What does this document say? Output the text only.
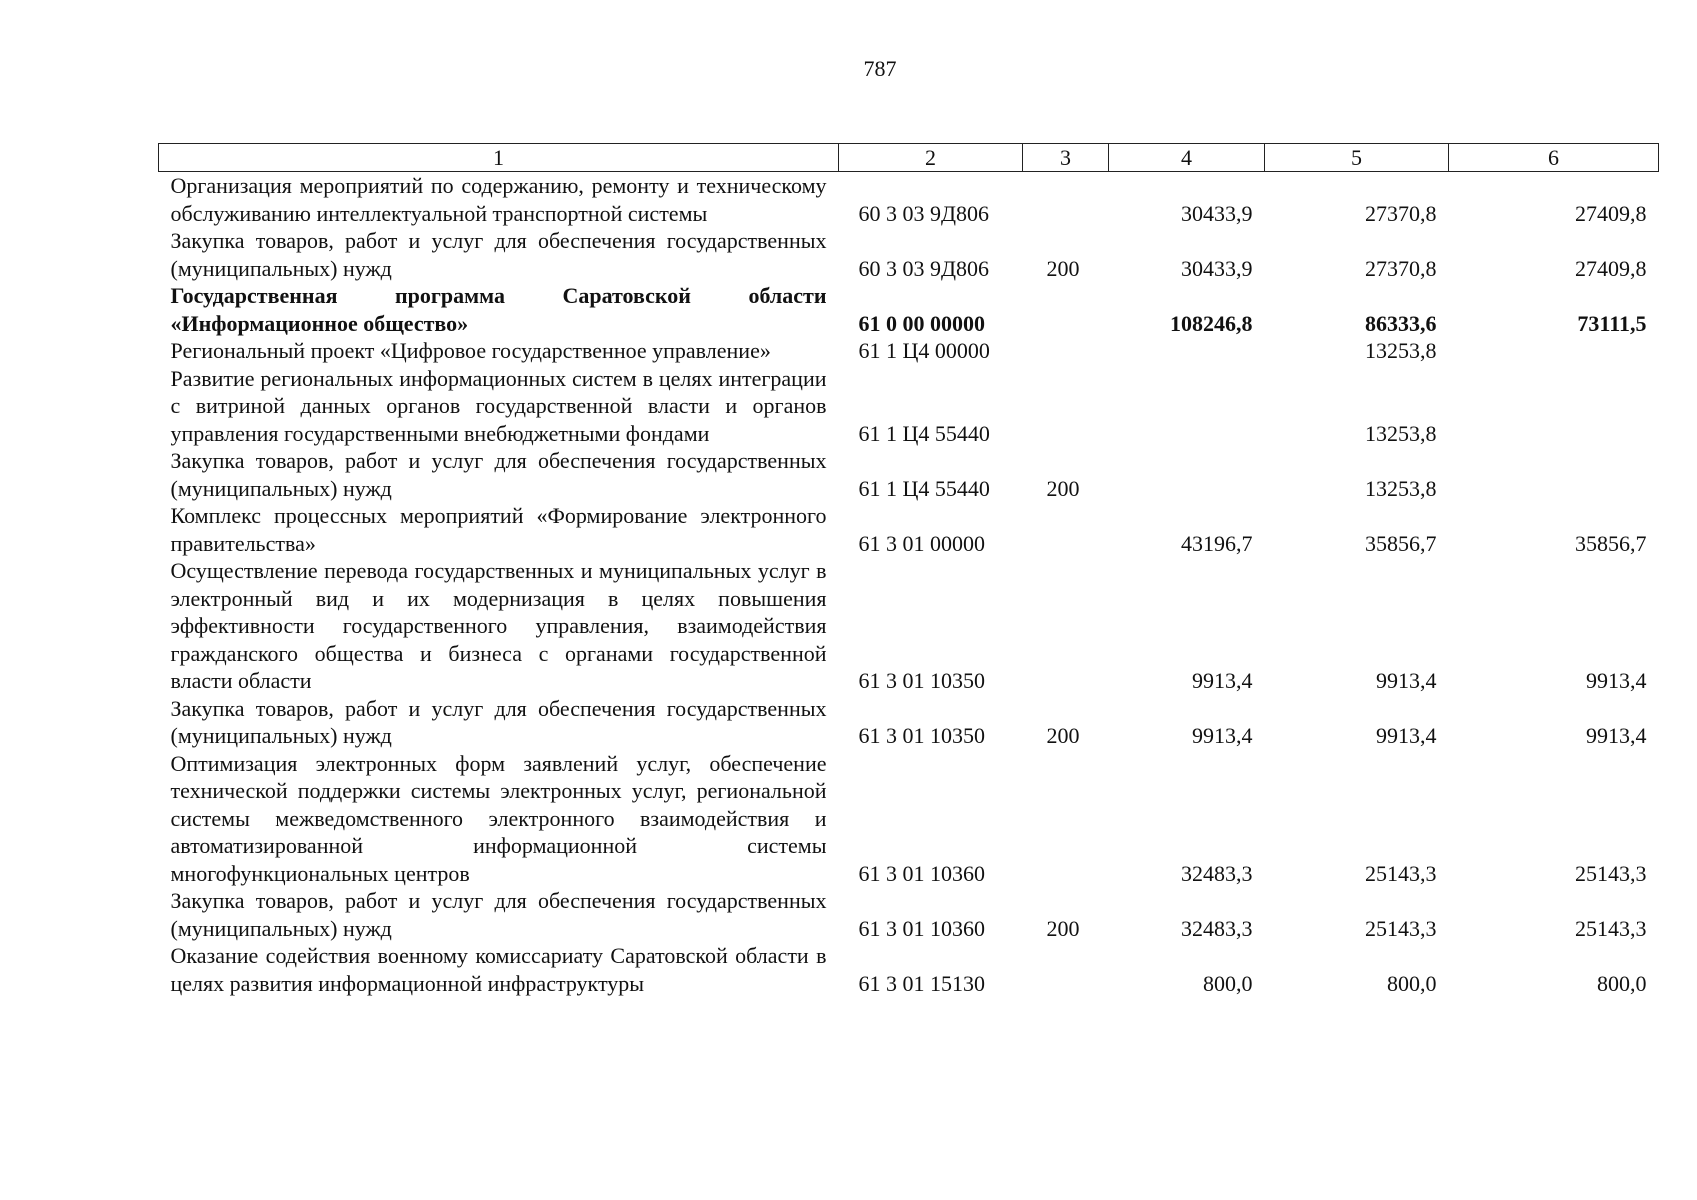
787
1	2	3	4	5	6
Организация мероприятий по содержанию, ремонту и техническому обслуживанию интеллектуальной транспортной системы	60 3 03 9Д806		30433,9	27370,8	27409,8
Закупка товаров, работ и услуг для обеспечения государственных (муниципальных) нужд	60 3 03 9Д806	200	30433,9	27370,8	27409,8
Государственная программа Саратовской области «Информационное общество»	61 0 00 00000		108246,8	86333,6	73111,5
Региональный проект «Цифровое государственное управление»	61 1 Ц4 00000			13253,8	
Развитие региональных информационных систем в целях интеграции с витриной данных органов государственной власти и органов управления государственными внебюджетными фондами	61 1 Ц4 55440			13253,8	
Закупка товаров, работ и услуг для обеспечения государственных (муниципальных) нужд	61 1 Ц4 55440	200		13253,8	
Комплекс процессных мероприятий «Формирование электронного правительства»	61 3 01 00000		43196,7	35856,7	35856,7
Осуществление перевода государственных и муниципальных услуг в электронный вид и их модернизация в целях повышения эффективности государственного управления, взаимодействия гражданского общества и бизнеса с органами государственной власти области	61 3 01 10350		9913,4	9913,4	9913,4
Закупка товаров, работ и услуг для обеспечения государственных (муниципальных) нужд	61 3 01 10350	200	9913,4	9913,4	9913,4
Оптимизация электронных форм заявлений услуг, обеспечение технической поддержки системы электронных услуг, региональной системы межведомственного электронного взаимодействия и автоматизированной информационной системы многофункциональных центров	61 3 01 10360		32483,3	25143,3	25143,3
Закупка товаров, работ и услуг для обеспечения государственных (муниципальных) нужд	61 3 01 10360	200	32483,3	25143,3	25143,3
Оказание содействия военному комиссариату Саратовской области в целях развития информационной инфраструктуры	61 3 01 15130		800,0	800,0	800,0
